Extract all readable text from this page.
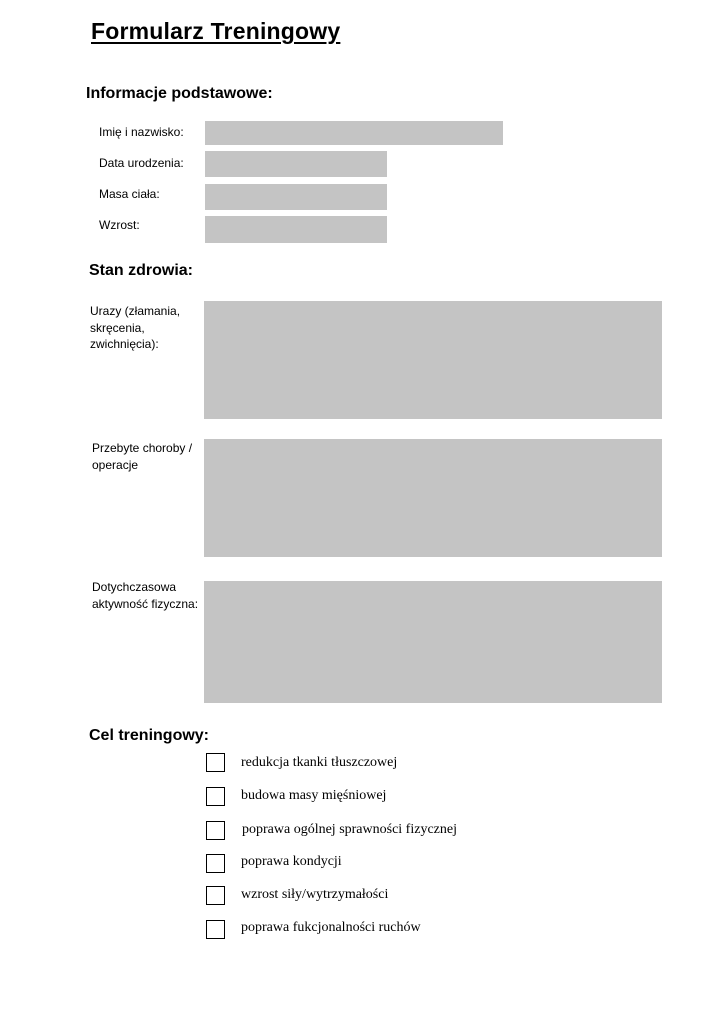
Formularz Treningowy
Informacje podstawowe:
Imię i nazwisko:
Data urodzenia:
Masa ciała:
Wzrost:
Stan zdrowia:
Urazy (złamania, skręcenia, zwichnięcia):
Przebyte choroby / operacje
Dotychczasowa aktywność fizyczna:
Cel treningowy:
redukcja tkanki tłuszczowej
budowa masy mięśniowej
poprawa ogólnej sprawności fizycznej
poprawa kondycji
wzrost siły/wytrzymałości
poprawa fukcjonalności ruchów
